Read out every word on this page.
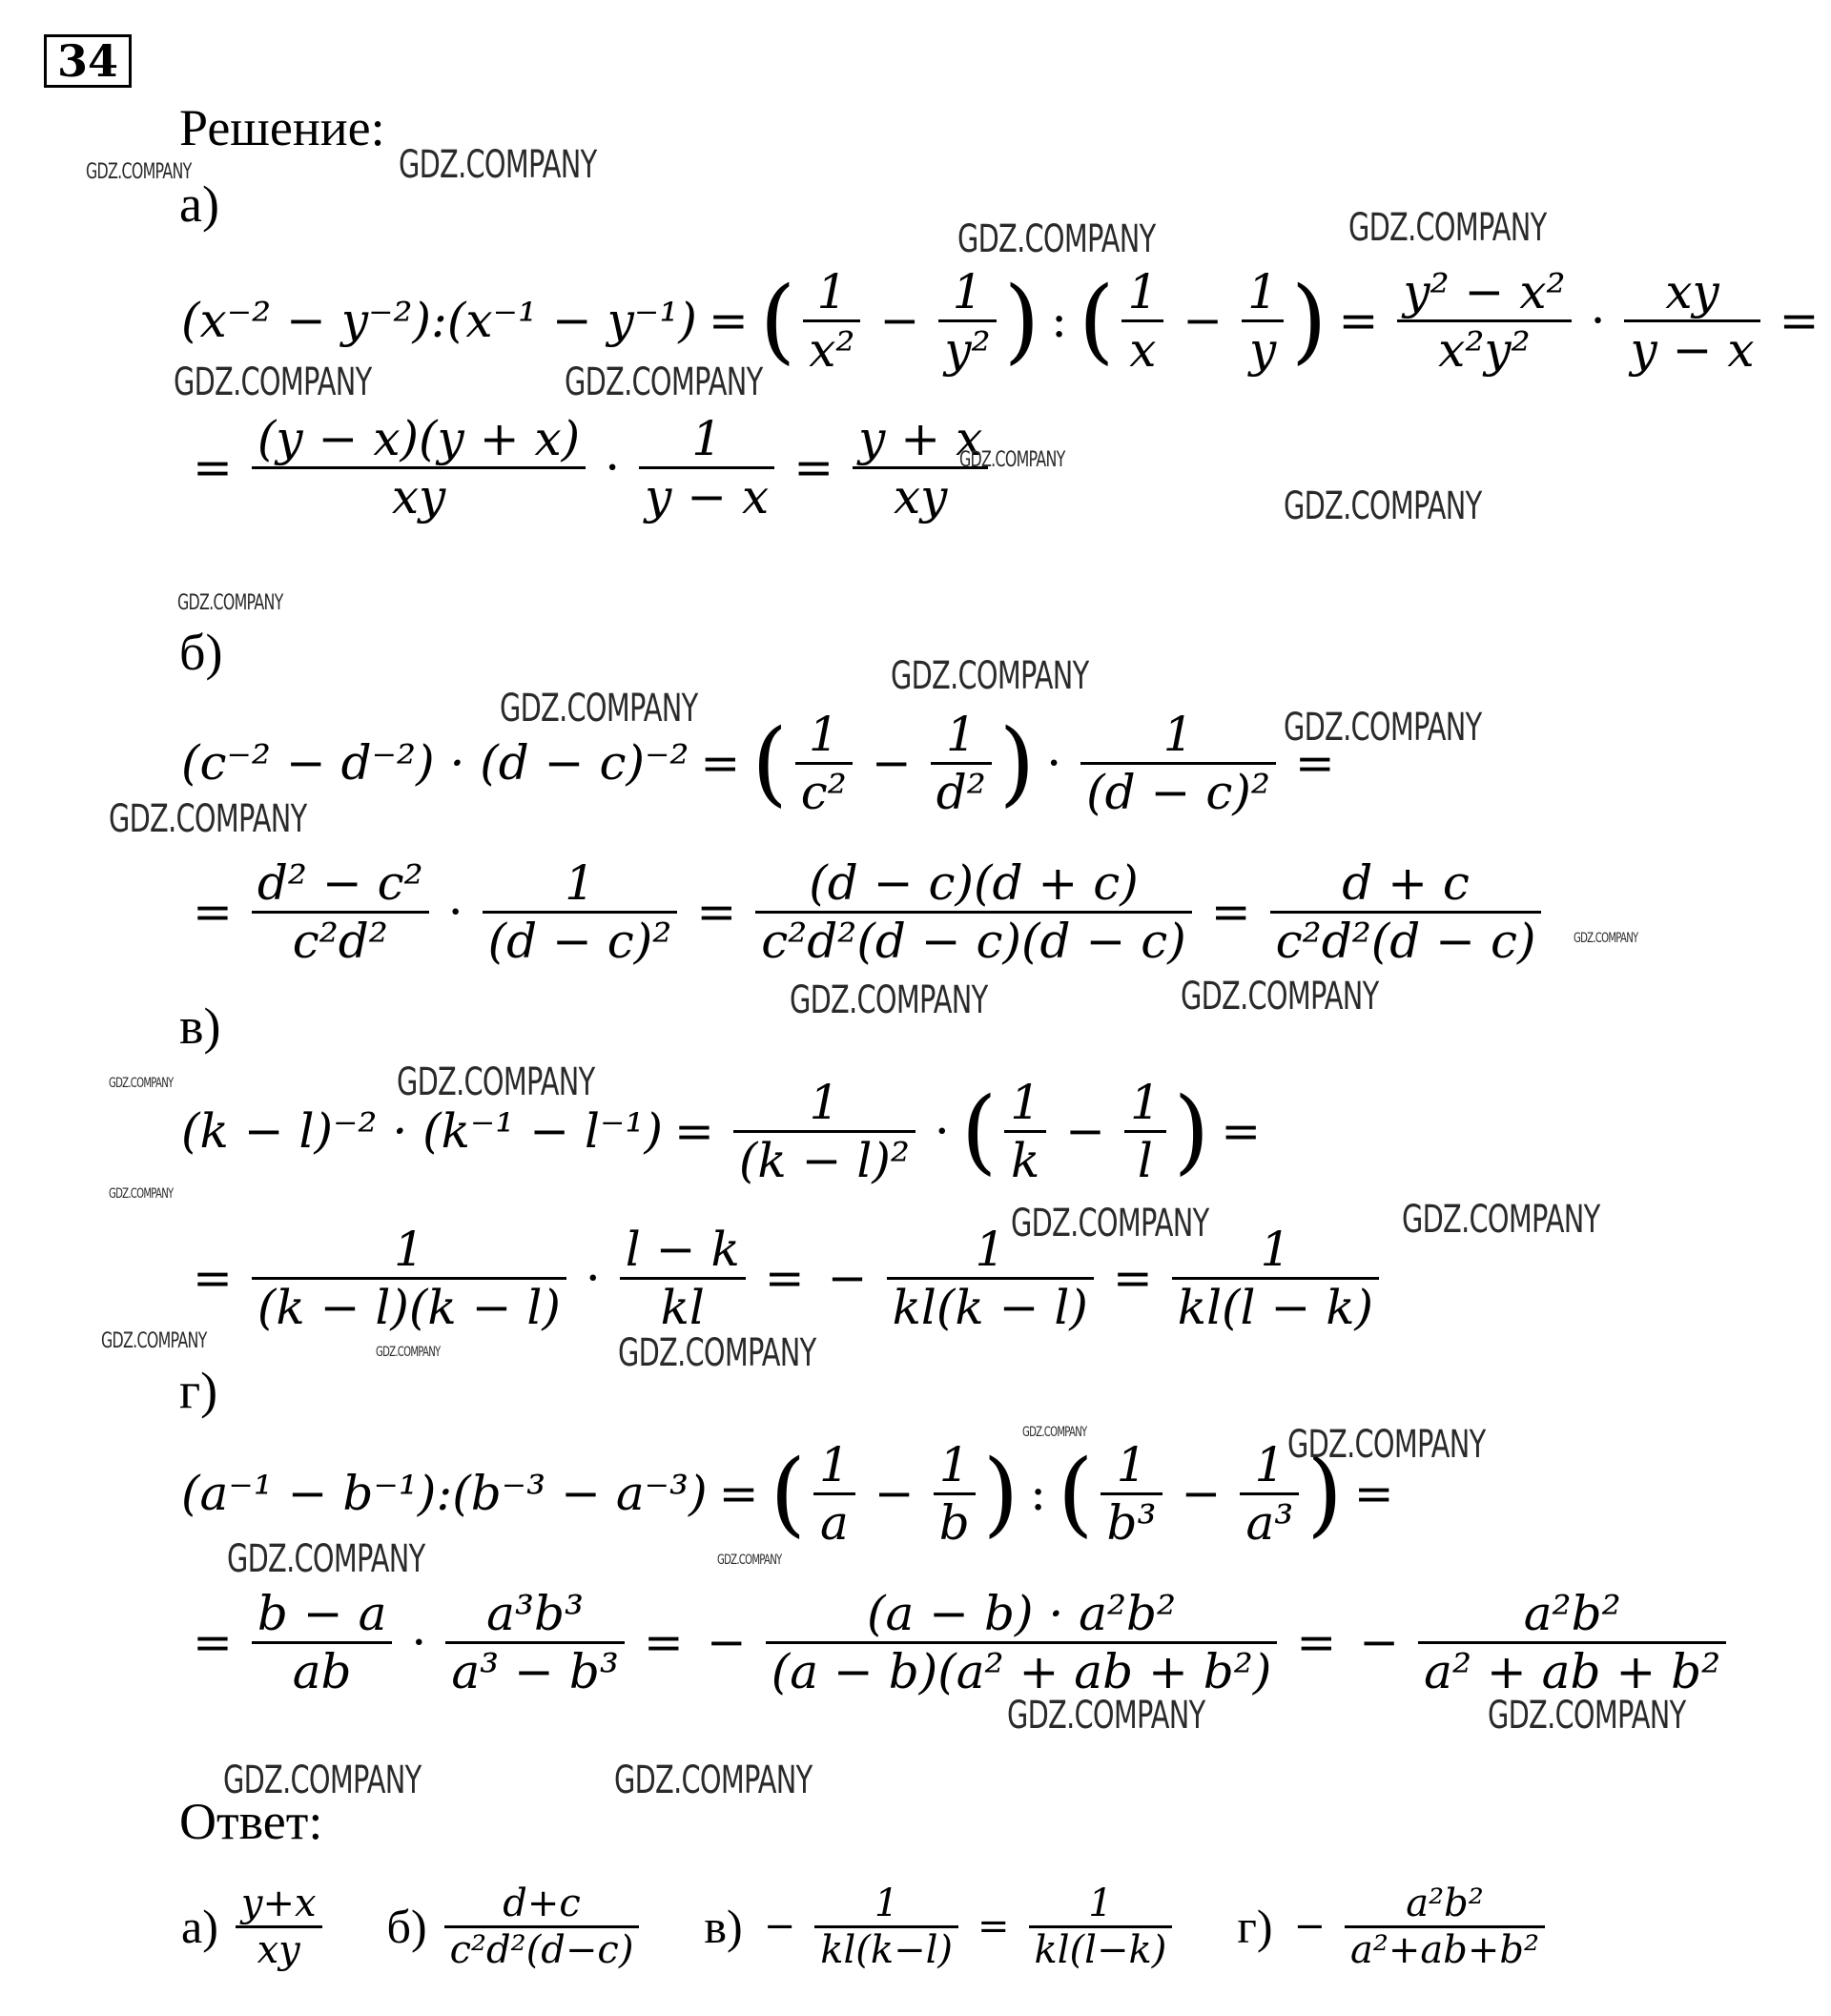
34
Решение:
а)
(x⁻² − y⁻²):(x⁻¹ − y⁻¹) = ( $\frac{1}{\text{x²}} - \frac{1}{\text{y²}}$ ) : ( $\frac{1}{x} - \frac{1}{y}$ ) = $\frac{\text{y² − x²}}{\text{x²y²}} \cdot \frac{xy}{y - x}$ =
= $\frac{(y - x)(y + x)}{xy} \cdot \frac{1}{y - x} = \frac{y + x}{xy}$
б)
(c⁻² − d⁻²) · (d − c)⁻² = ( $\frac{1}{\text{c²}} - \frac{1}{\text{d²}}$ ) · $\frac{1}{\text{(d − c)²}}$ =
= $\frac{\text{d² − c²}}{\text{c²d²}} \cdot \frac{1}{\text{(d − c)²}} = \frac{(d - c)(d + c)}{\text{c²d²(d − c)(d − c)}} = \frac{d + c}{\text{c²d²(d − c)}}$
в)
$(k - l)^{-2} \cdot (k^{-1} - l^{-1}) = \frac{1}{\text{(k − l)²}}$ · ( $\frac{1}{k} - \frac{1}{l}$ ) =
= $\frac{1}{(k - l)(k - l)} \cdot \frac{l - k}{kl}$ = − $\frac{1}{kl(k - l)} = \frac{1}{kl(l - k)}$
г)
(a⁻¹ − b⁻¹):(b⁻³ − a⁻³) = ( $\frac{1}{a} - \frac{1}{b}$ ) : ( $\frac{1}{\text{b³}} - \frac{1}{\text{a³}}$ ) =
= $\frac{b - a}{ab} \cdot \frac{\text{a³b³}}{\text{a³ − b³}}$ = − $\frac{\text{(a − b) · a²b²}}{\text{(a − b)(a² + ab + b²)}}$ = − $\frac{\text{a²b²}}{\text{a² + ab + b²}}$
Ответ:
$а) \frac{y+x}{xy} б) \frac{d+c}{\text{c²d²(d−c)}} в) - \frac{1}{kl(k-l)} = \frac{1}{kl(l-k)} г) - \frac{\text{a²b²}}{\text{a²+ab+b²}}$
GDZ.COMPANY	GDZ.COMPANY
GDZ.COMPANY	GDZ.COMPANY
GDZ.COMPANY	GDZ.COMPANY
GDZ.COMPANY
GDZ.COMPANY
GDZ.COMPANY
GDZ.COMPANY
GDZ.COMPANY	GDZ.COMPANY
GDZ.COMPANY
GDZ.COMPANY
GDZ.COMPANY	GDZ.COMPANY
GDZ.COMPANY	GDZ.COMPANY
GDZ.COMPANY
GDZ.COMPANY	GDZ.COMPANY
GDZ.COMPANY	GDZ.COMPANY	GDZ.COMPANY
GDZ.COMPANY	GDZ.COMPANY
GDZ.COMPANY	GDZ.COMPANY
GDZ.COMPANY	GDZ.COMPANY
GDZ.COMPANY	GDZ.COMPANY
